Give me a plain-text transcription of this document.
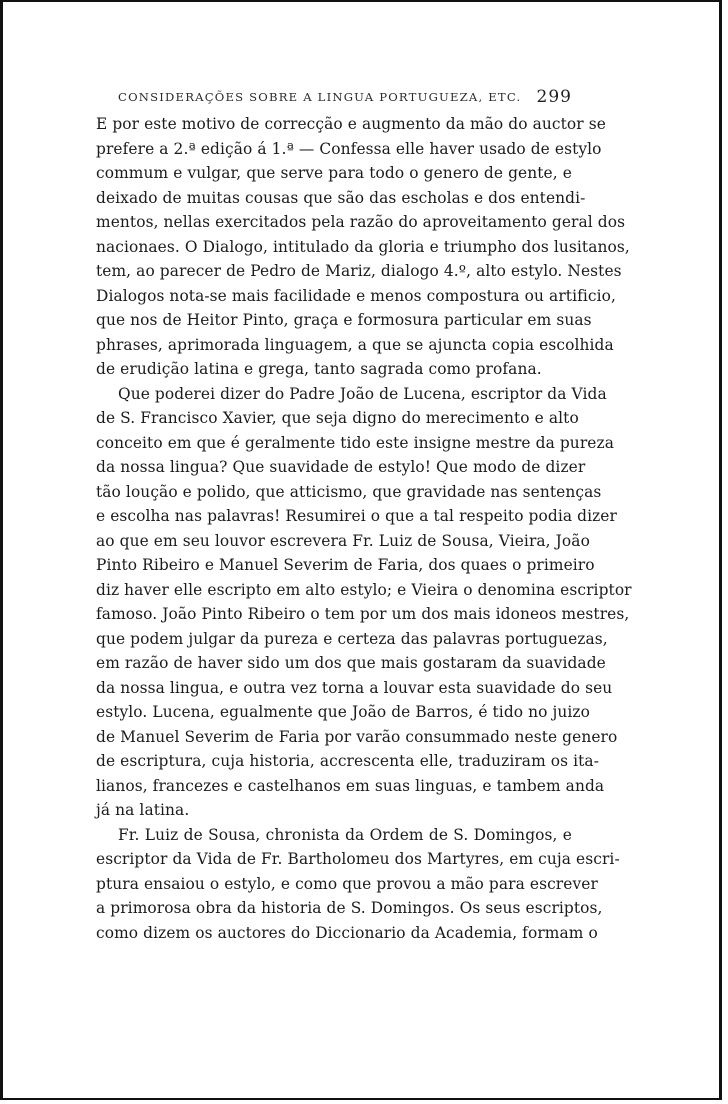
CONSIDERAÇÕES SOBRE A LINGUA PORTUGUEZA, ETC. 299
E por este motivo de correcção e augmento da mão do auctor se
prefere a 2.ª edição á 1.ª — Confessa elle haver usado de estylo
commum e vulgar, que serve para todo o genero de gente, e
deixado de muitas cousas que são das escholas e dos entendi-
mentos, nellas exercitados pela razão do aproveitamento geral dos
nacionaes. O Dialogo, intitulado da gloria e triumpho dos lusitanos,
tem, ao parecer de Pedro de Mariz, dialogo 4.º, alto estylo. Nestes
Dialogos nota-se mais facilidade e menos compostura ou artificio,
que nos de Heitor Pinto, graça e formosura particular em suas
phrases, aprimorada linguagem, a que se ajuncta copia escolhida
de erudição latina e grega, tanto sagrada como profana.
Que poderei dizer do Padre João de Lucena, escriptor da Vida
de S. Francisco Xavier, que seja digno do merecimento e alto
conceito em que é geralmente tido este insigne mestre da pureza
da nossa lingua? Que suavidade de estylo! Que modo de dizer
tão loução e polido, que atticismo, que gravidade nas sentenças
e escolha nas palavras! Resumirei o que a tal respeito podia dizer
ao que em seu louvor escrevera Fr. Luiz de Sousa, Vieira, João
Pinto Ribeiro e Manuel Severim de Faria, dos quaes o primeiro
diz haver elle escripto em alto estylo; e Vieira o denomina escriptor
famoso. João Pinto Ribeiro o tem por um dos mais idoneos mestres,
que podem julgar da pureza e certeza das palavras portuguezas,
em razão de haver sido um dos que mais gostaram da suavidade
da nossa lingua, e outra vez torna a louvar esta suavidade do seu
estylo. Lucena, egualmente que João de Barros, é tido no juizo
de Manuel Severim de Faria por varão consummado neste genero
de escriptura, cuja historia, accrescenta elle, traduziram os ita-
lianos, francezes e castelhanos em suas linguas, e tambem anda
já na latina.
Fr. Luiz de Sousa, chronista da Ordem de S. Domingos, e
escriptor da Vida de Fr. Bartholomeu dos Martyres, em cuja escri-
ptura ensaiou o estylo, e como que provou a mão para escrever
a primorosa obra da historia de S. Domingos. Os seus escriptos,
como dizem os auctores do Diccionario da Academia, formam o
